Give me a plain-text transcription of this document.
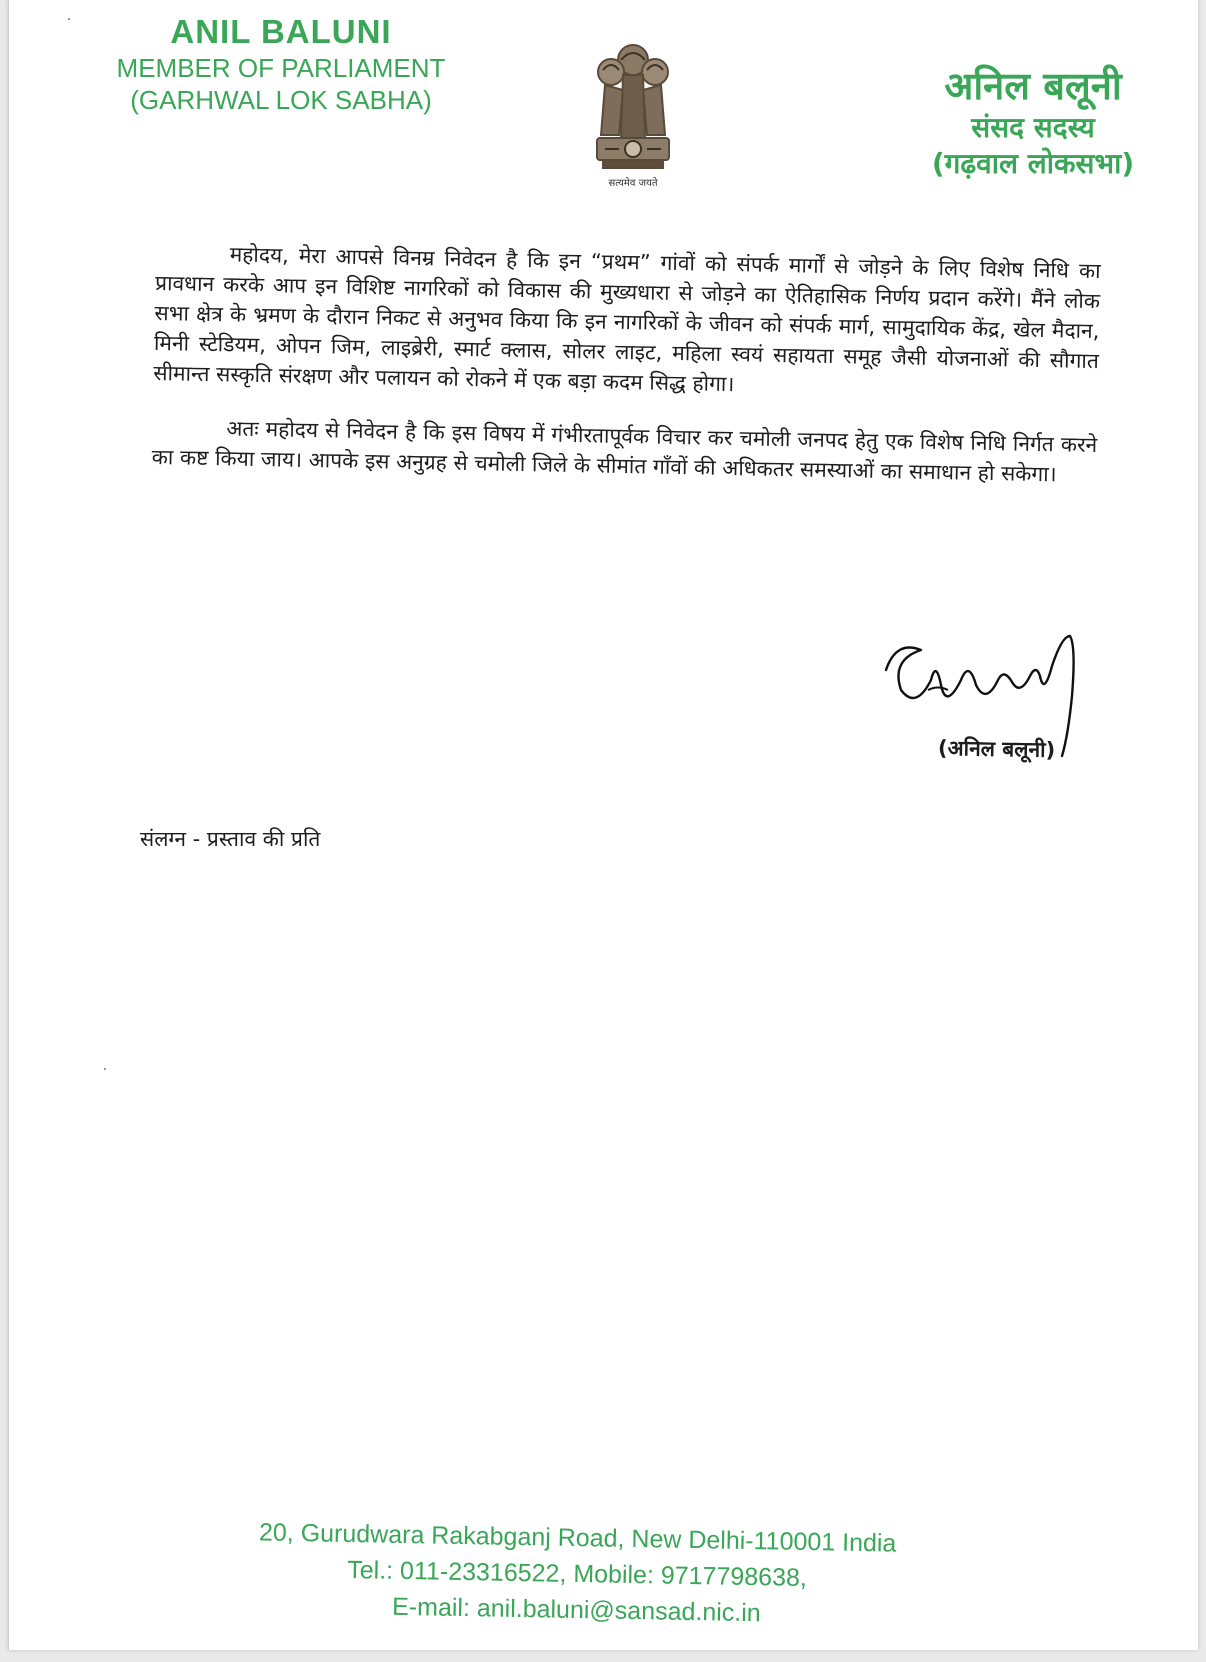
ANIL BALUNI
MEMBER OF PARLIAMENT
(GARHWAL LOK SABHA)
सत्यमेव जयते
अनिल बलूनी
संसद सदस्य
(गढ़वाल लोकसभा)

महोदय, मेरा आपसे विनम्र निवेदन है कि इन “प्रथम” गांवों को संपर्क मार्गों से जोड़ने के लिए विशेष निधि का प्रावधान करके आप इन विशिष्ट नागरिकों को विकास की मुख्यधारा से जोड़ने का ऐतिहासिक निर्णय प्रदान करेंगे। मैंने लोक सभा क्षेत्र के भ्रमण के दौरान निकट से अनुभव किया कि इन नागरिकों के जीवन को संपर्क मार्ग, सामुदायिक केंद्र, खेल मैदान, मिनी स्टेडियम, ओपन जिम, लाइब्रेरी, स्मार्ट क्लास, सोलर लाइट, महिला स्वयं सहायता समूह जैसी योजनाओं की सौगात सीमान्त सस्कृति संरक्षण और पलायन को रोकने में एक बड़ा कदम सिद्ध होगा।

अतः महोदय से निवेदन है कि इस विषय में गंभीरतापूर्वक विचार कर चमोली जनपद हेतु एक विशेष निधि निर्गत करने का कष्ट किया जाय। आपके इस अनुग्रह से चमोली जिले के सीमांत गाँवों की अधिकतर समस्याओं का समाधान हो सकेगा।

(अनिल बलूनी)
संलग्न - प्रस्ताव की प्रति
20, Gurudwara Rakabganj Road, New Delhi-110001 India
Tel.: 011-23316522, Mobile: 9717798638,
E-mail: anil.baluni@sansad.nic.in
